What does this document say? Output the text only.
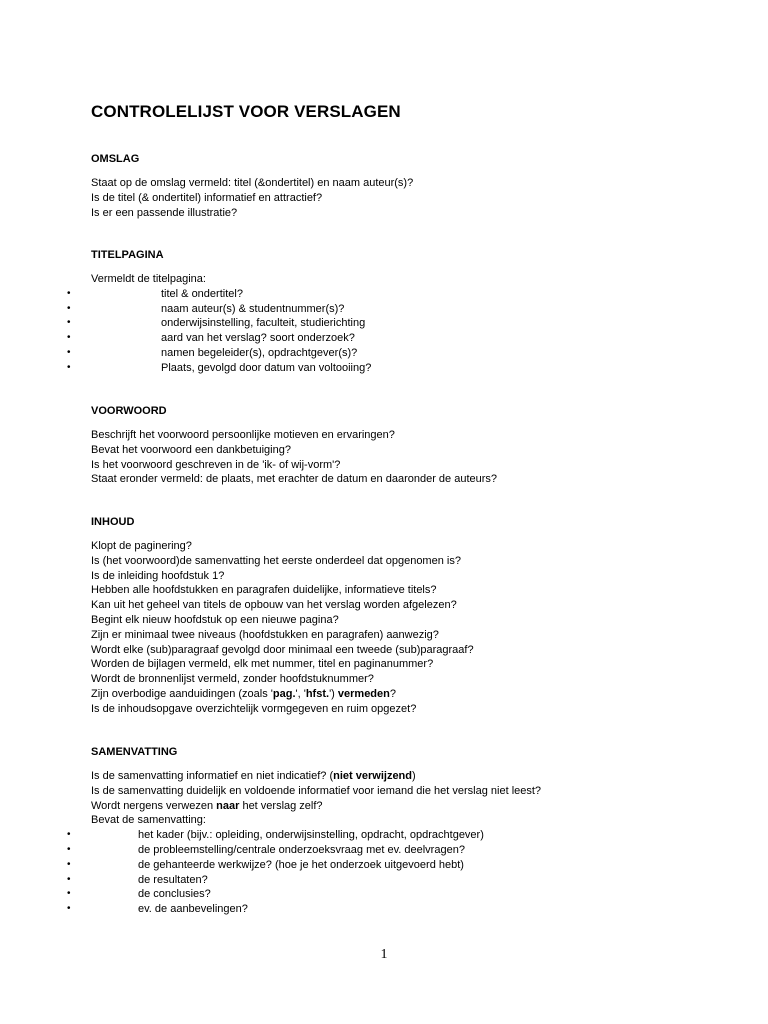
CONTROLELIJST VOOR VERSLAGEN
OMSLAG
Staat op de omslag vermeld: titel (&ondertitel) en naam auteur(s)?
Is de titel (& ondertitel) informatief en attractief?
Is er een passende illustratie?
TITELPAGINA
Vermeldt de titelpagina:
•	titel & ondertitel?
•	naam auteur(s) & studentnummer(s)?
•	onderwijsinstelling, faculteit, studierichting
•	aard van het verslag? soort onderzoek?
•	namen begeleider(s), opdrachtgever(s)?
•	Plaats, gevolgd door datum van voltooiing?
VOORWOORD
Beschrijft het voorwoord persoonlijke motieven en ervaringen?
Bevat het voorwoord een dankbetuiging?
Is het voorwoord geschreven in de 'ik- of wij-vorm'?
Staat eronder vermeld: de plaats, met erachter de datum en daaronder de auteurs?
INHOUD
Klopt de paginering?
Is (het voorwoord)de samenvatting het eerste onderdeel dat opgenomen is?
Is de inleiding hoofdstuk 1?
Hebben alle hoofdstukken en paragrafen duidelijke, informatieve titels?
Kan uit het geheel van titels de opbouw van het verslag worden afgelezen?
Begint elk nieuw hoofdstuk op een nieuwe pagina?
Zijn er minimaal twee niveaus (hoofdstukken en paragrafen) aanwezig?
Wordt elke (sub)paragraaf gevolgd door minimaal een tweede (sub)paragraaf?
Worden de bijlagen vermeld, elk met nummer, titel en paginanummer?
Wordt de bronnenlijst vermeld, zonder hoofdstuknummer?
Zijn overbodige aanduidingen (zoals 'pag.', 'hfst.') vermeden?
Is de inhoudsopgave overzichtelijk vormgegeven en ruim opgezet?
SAMENVATTING
Is de samenvatting informatief en niet indicatief? (niet verwijzend)
Is de samenvatting duidelijk en voldoende informatief voor iemand die het verslag niet leest?
Wordt nergens verwezen naar het verslag zelf?
Bevat de samenvatting:
•	het kader (bijv.: opleiding, onderwijsinstelling, opdracht, opdrachtgever)
•	de probleemstelling/centrale onderzoeksvraag met ev. deelvragen?
•	de gehanteerde werkwijze? (hoe je het onderzoek uitgevoerd hebt)
•	de resultaten?
•	de conclusies?
•	ev. de aanbevelingen?
1
